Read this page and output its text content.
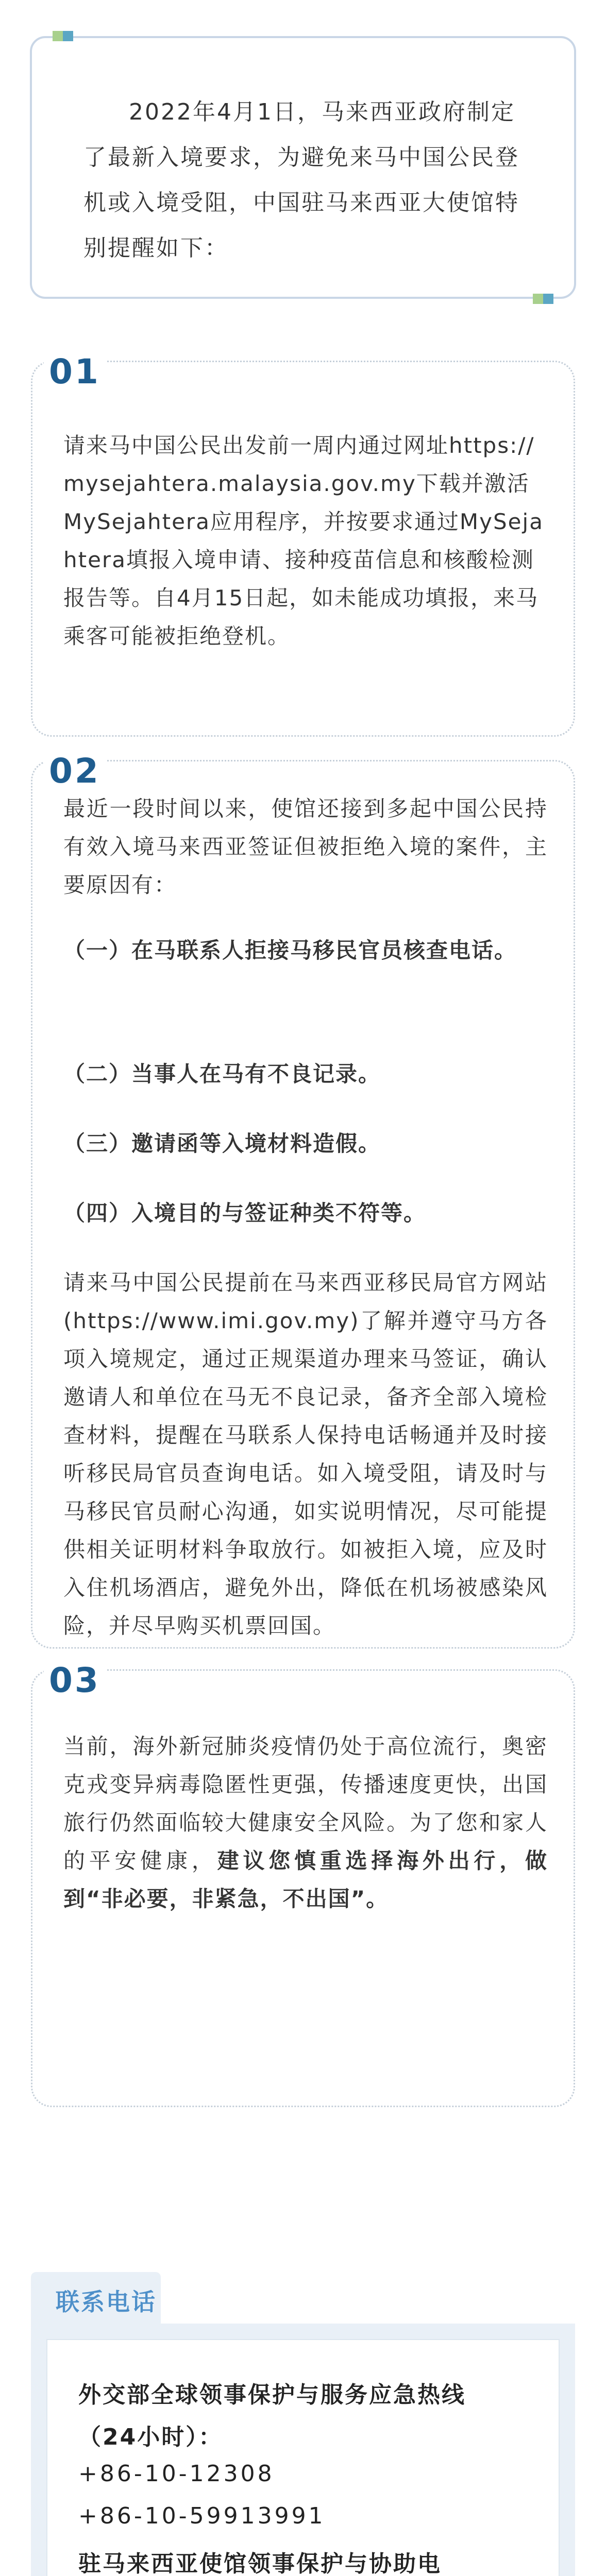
2022年4月1日，马来西亚政府制定了最新入境要求，为避免来马中国公民登机或入境受阻，中国驻马来西亚大使馆特别提醒如下：

01

请来马中国公民出发前一周内通过网址https://mysejahtera.malaysia.gov.my下载并激活 MySejahtera应用程序，并按要求通过MySejahtera填报入境申请、接种疫苗信息和核酸检测报告等。自4月15日起，如未能成功填报，来马乘客可能被拒绝登机。

02

最近一段时间以来，使馆还接到多起中国公民持有效入境马来西亚签证但被拒绝入境的案件，主要原因有：

（一）在马联系人拒接马移民官员核查电话。

（二）当事人在马有不良记录。

（三）邀请函等入境材料造假。

（四）入境目的与签证种类不符等。

请来马中国公民提前在马来西亚移民局官方网站(https://www.imi.gov.my)了解并遵守马方各项入境规定，通过正规渠道办理来马签证，确认邀请人和单位在马无不良记录，备齐全部入境检查材料，提醒在马联系人保持电话畅通并及时接听移民局官员查询电话。如入境受阻，请及时与马移民官员耐心沟通，如实说明情况，尽可能提供相关证明材料争取放行。如被拒入境，应及时入住机场酒店，避免外出，降低在机场被感染风险，并尽早购买机票回国。

03

当前，海外新冠肺炎疫情仍处于高位流行，奥密克戎变异病毒隐匿性更强，传播速度更快，出国旅行仍然面临较大健康安全风险。为了您和家人的平安健康，建议您慎重选择海外出行，做到“非必要，非紧急，不出国”。

联系电话

外交部全球领事保护与服务应急热线

（24小时）：

+86-10-12308

+86-10-59913991

驻马来西亚使馆领事保护与协助电
